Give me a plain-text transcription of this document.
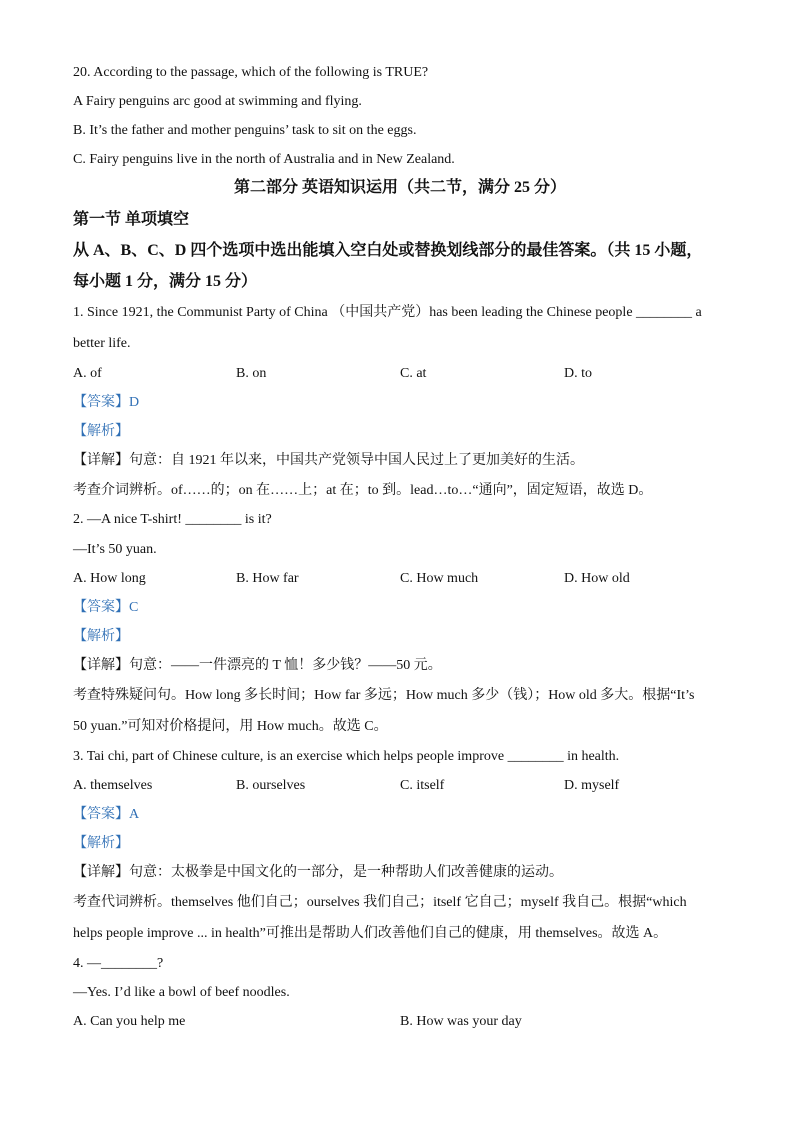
20. According to the passage, which of the following is TRUE?
A Fairy penguins arc good at swimming and flying.
B. It’s the father and mother penguins’ task to sit on the eggs.
C. Fairy penguins live in the north of Australia and in New Zealand.
第二部分 英语知识运用（共二节，满分 25 分）
第一节 单项填空
从 A、B、C、D 四个选项中选出能填入空白处或替换划线部分的最佳答案。（共 15 小题，
每小题 1 分，满分 15 分）
1. Since 1921, the Communist Party of China （中国共产党）has been leading the Chinese people ________ a
better life.
A. of	B. on	C. at	D. to
【答案】D
【解析】
【详解】句意：自 1921 年以来，中国共产党领导中国人民过上了更加美好的生活。
考查介词辨析。of……的；on 在……上；at 在；to 到。lead…to…“通向”，固定短语，故选 D。
2. —A nice T-shirt! ________ is it?
—It’s 50 yuan.
A. How long	B. How far	C. How much	D. How old
【答案】C
【解析】
【详解】句意：——一件漂亮的 T 恤！多少钱？——50 元。
考查特殊疑问句。How long 多长时间；How far 多远；How much 多少（钱）；How old 多大。根据“It’s
50 yuan.”可知对价格提问，用 How much。故选 C。
3. Tai chi, part of Chinese culture, is an exercise which helps people improve ________ in health.
A. themselves	B. ourselves	C. itself	D. myself
【答案】A
【解析】
【详解】句意：太极拳是中国文化的一部分，是一种帮助人们改善健康的运动。
考查代词辨析。themselves 他们自己；ourselves 我们自己；itself 它自己；myself 我自己。根据“which
helps people improve ... in health”可推出是帮助人们改善他们自己的健康，用 themselves。故选 A。
4. —________?
—Yes. I’d like a bowl of beef noodles.
A. Can you help me	B. How was your day
